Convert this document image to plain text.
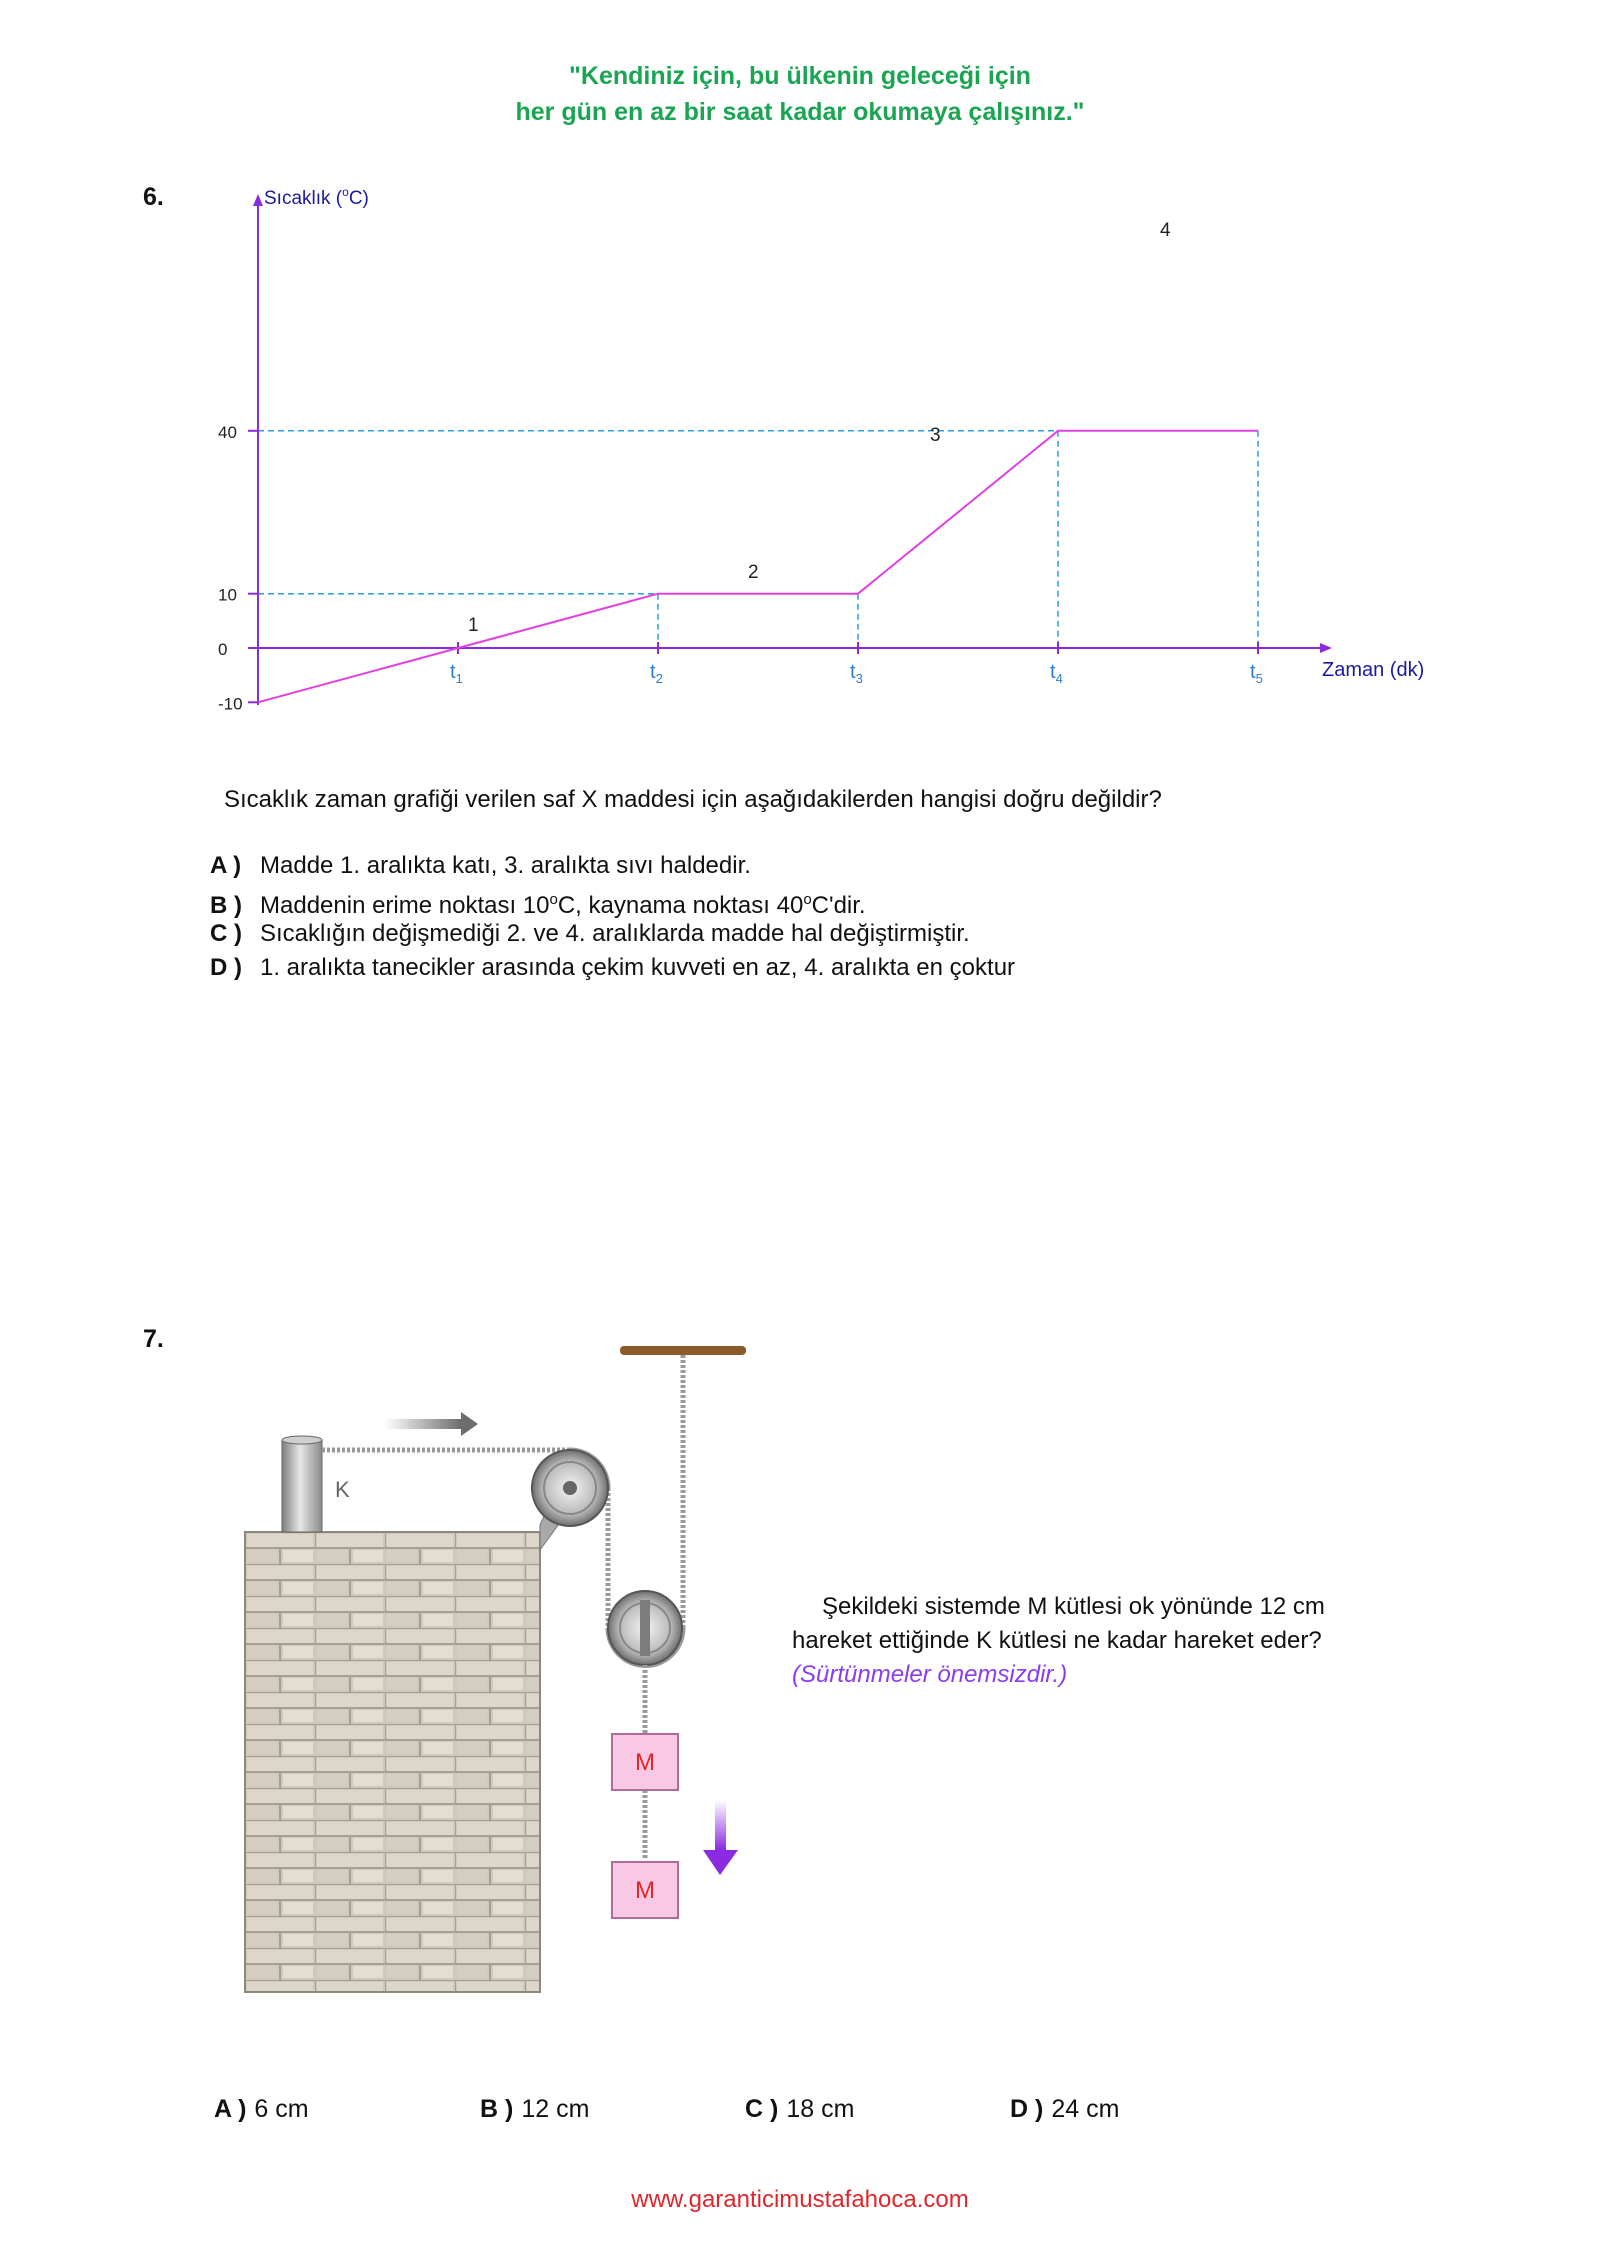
"Kendiniz için, bu ülkenin geleceği için
her gün en az bir saat kadar okumaya çalışınız."
6.	Sıcaklık ($^o$C)
Zaman (dk)
40
10
0
-10
$t_1$	$t_2$	$t_3$	$t_4$	$t_5$
1
2
3
4
Sıcaklık zaman grafiği verilen saf X maddesi için aşağıdakilerden hangisi doğru değildir?
A ) Madde 1. aralıkta katı, 3. aralıkta sıvı haldedir.
B ) Maddenin erime noktası 10$^o$C, kaynama noktası 40$^o$C'dir.
C ) Sıcaklığın değişmediği 2. ve 4. aralıklarda madde hal değiştirmiştir.
D ) 1. aralıkta tanecikler arasında çekim kuvveti en az, 4. aralıkta en çoktur
7.
K
M
M
Şekildeki sistemde M kütlesi ok yönünde 12 cm
hareket ettiğinde K kütlesi ne kadar hareket eder?
(Sürtünmeler önemsizdir.)
A ) 6 cm	B ) 12 cm	C ) 18 cm	D ) 24 cm
www.garanticimustafahoca.com
